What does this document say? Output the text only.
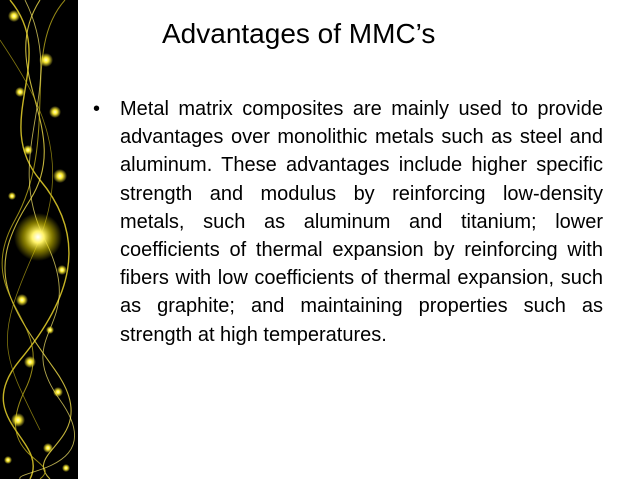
Advantages of MMC’s
• Metal matrix composites are mainly used to provide advantages over monolithic metals such as steel and aluminum. These advantages include higher specific strength and modulus by reinforcing low-density metals, such as aluminum and titanium; lower coefficients of thermal expansion by reinforcing with fibers with low coefficients of thermal expansion, such as graphite; and maintaining properties such as strength at high temperatures.
